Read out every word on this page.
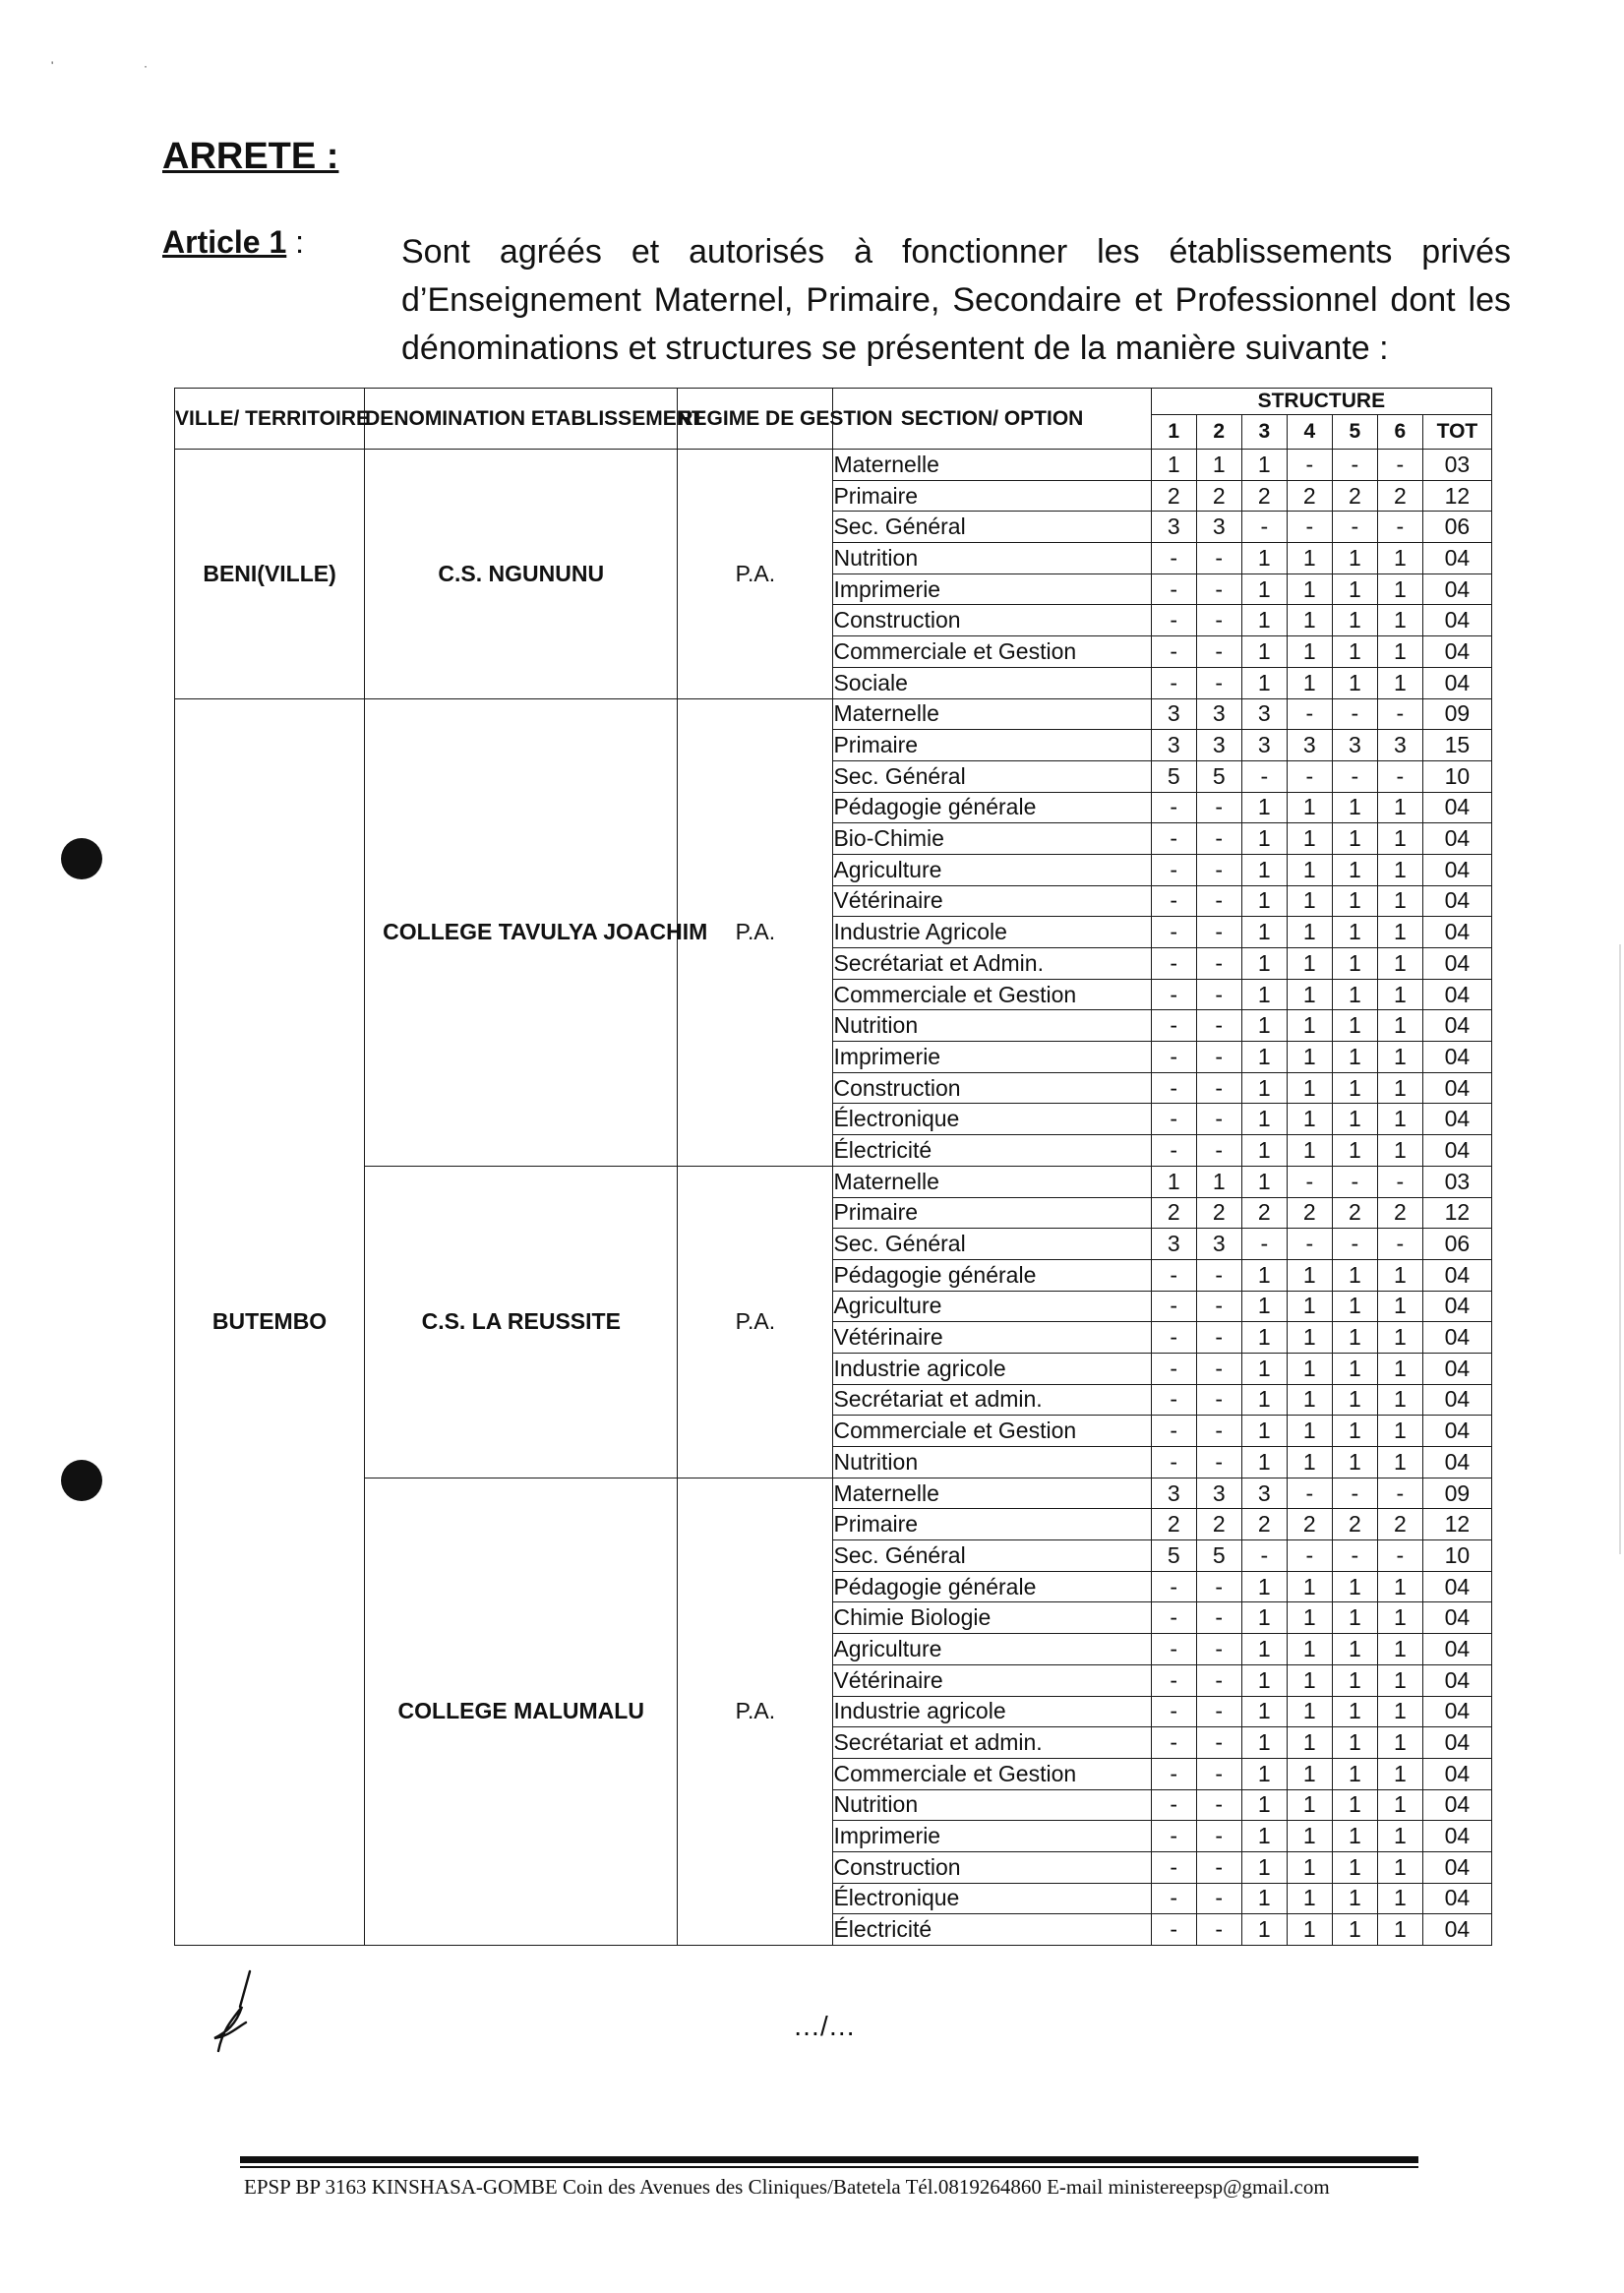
'	·
ARRETE :
Article 1 :	Sont agréés et autorisés à fonctionner les établissements privés d’Enseignement Maternel, Primaire, Secondaire et Professionnel dont les dénominations et structures se présentent de la manière suivante :
VILLE/ TERRITOIRE	DENOMINATION ETABLISSEMENT	REGIME DE GESTION	SECTION/ OPTION	STRUCTURE						
				1	2	3	4	5	6	TOT
BENI(VILLE)	C.S. NGUNUNU	P.A.	Maternelle	1	1	1	-	-	-	03
			Primaire	2	2	2	2	2	2	12
			Sec. Général	3	3	-	-	-	-	06
			Nutrition	-	-	1	1	1	1	04
			Imprimerie	-	-	1	1	1	1	04
			Construction	-	-	1	1	1	1	04
			Commerciale et Gestion	-	-	1	1	1	1	04
			Sociale	-	-	1	1	1	1	04
BUTEMBO	COLLEGE TAVULYA JOACHIM	P.A.	Maternelle	3	3	3	-	-	-	09
			Primaire	3	3	3	3	3	3	15
			Sec. Général	5	5	-	-	-	-	10
			Pédagogie générale	-	-	1	1	1	1	04
			Bio-Chimie	-	-	1	1	1	1	04
			Agriculture	-	-	1	1	1	1	04
			Vétérinaire	-	-	1	1	1	1	04
			Industrie Agricole	-	-	1	1	1	1	04
			Secrétariat et Admin.	-	-	1	1	1	1	04
			Commerciale et Gestion	-	-	1	1	1	1	04
			Nutrition	-	-	1	1	1	1	04
			Imprimerie	-	-	1	1	1	1	04
			Construction	-	-	1	1	1	1	04
			Électronique	-	-	1	1	1	1	04
			Électricité	-	-	1	1	1	1	04
	C.S. LA REUSSITE	P.A.	Maternelle	1	1	1	-	-	-	03
			Primaire	2	2	2	2	2	2	12
			Sec. Général	3	3	-	-	-	-	06
			Pédagogie générale	-	-	1	1	1	1	04
			Agriculture	-	-	1	1	1	1	04
			Vétérinaire	-	-	1	1	1	1	04
			Industrie agricole	-	-	1	1	1	1	04
			Secrétariat et admin.	-	-	1	1	1	1	04
			Commerciale et Gestion	-	-	1	1	1	1	04
			Nutrition	-	-	1	1	1	1	04
	COLLEGE MALUMALU	P.A.	Maternelle	3	3	3	-	-	-	09
			Primaire	2	2	2	2	2	2	12
			Sec. Général	5	5	-	-	-	-	10
			Pédagogie générale	-	-	1	1	1	1	04
			Chimie Biologie	-	-	1	1	1	1	04
			Agriculture	-	-	1	1	1	1	04
			Vétérinaire	-	-	1	1	1	1	04
			Industrie agricole	-	-	1	1	1	1	04
			Secrétariat et admin.	-	-	1	1	1	1	04
			Commerciale et Gestion	-	-	1	1	1	1	04
			Nutrition	-	-	1	1	1	1	04
			Imprimerie	-	-	1	1	1	1	04
			Construction	-	-	1	1	1	1	04
			Électronique	-	-	1	1	1	1	04
			Électricité	-	-	1	1	1	1	04
…/…
EPSP BP 3163 KINSHASA-GOMBE Coin des Avenues des Cliniques/Batetela Tél.0819264860 E-mail ministereepsp@gmail.com
